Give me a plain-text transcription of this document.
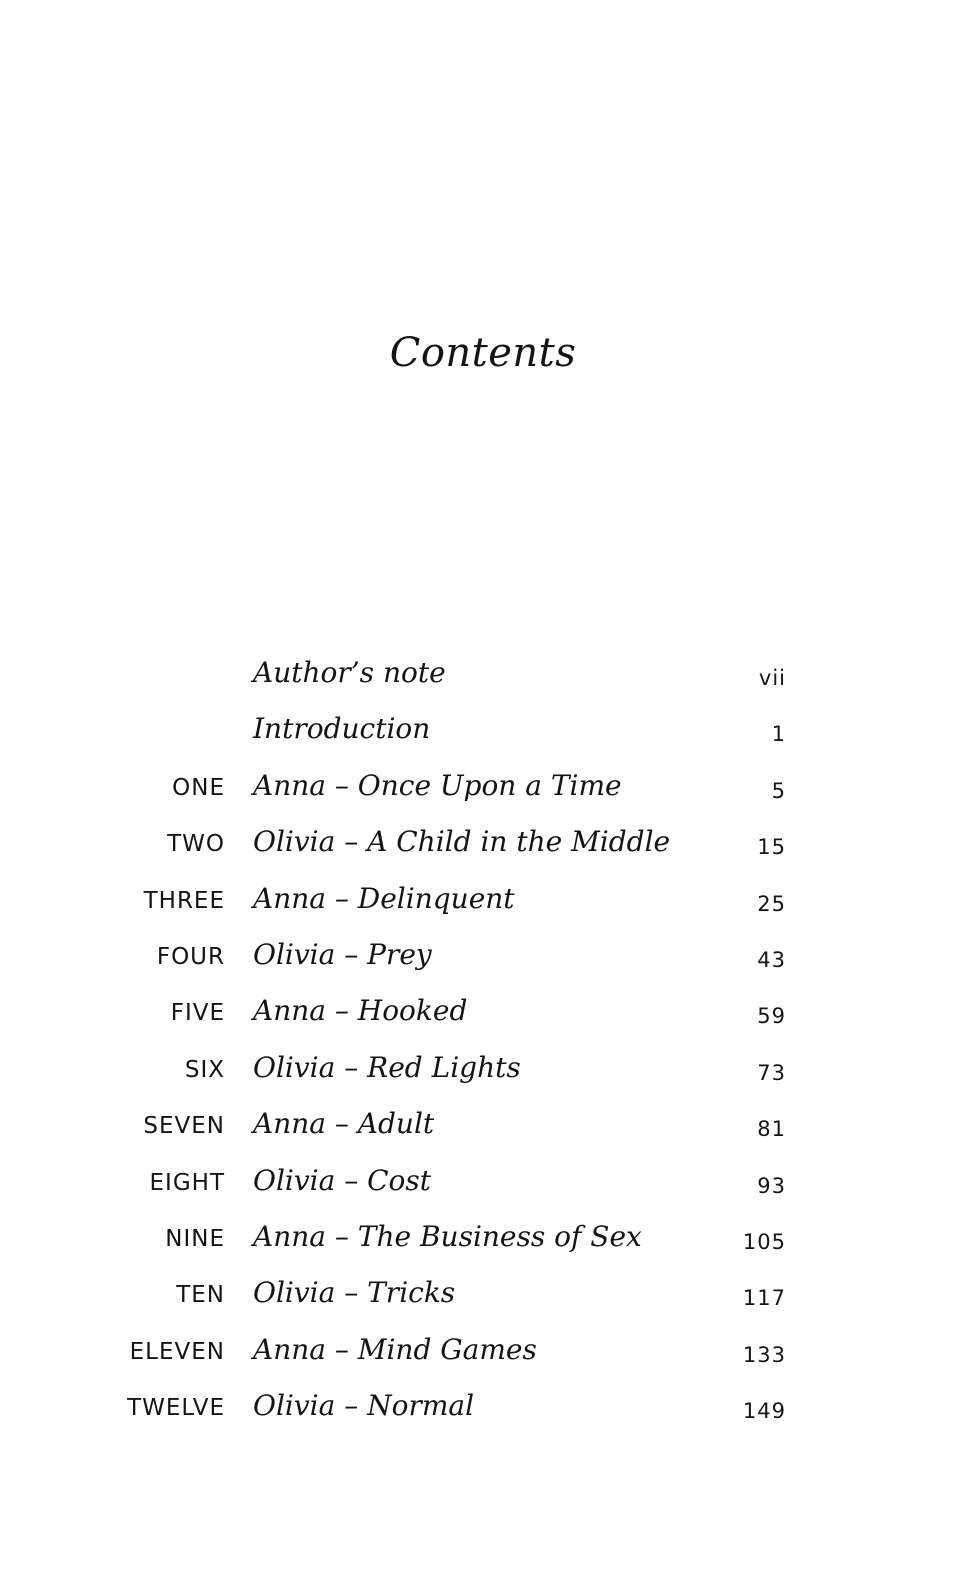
Contents
Author’s note	vii
Introduction	1
ONE Anna – Once Upon a Time	5
TWO Olivia – A Child in the Middle	15
THREE Anna – Delinquent	25
FOUR Olivia – Prey	43
FIVE Anna – Hooked	59
SIX Olivia – Red Lights	73
SEVEN Anna – Adult	81
EIGHT Olivia – Cost	93
NINE Anna – The Business of Sex	105
TEN Olivia – Tricks	117
ELEVEN Anna – Mind Games	133
TWELVE Olivia – Normal	149
